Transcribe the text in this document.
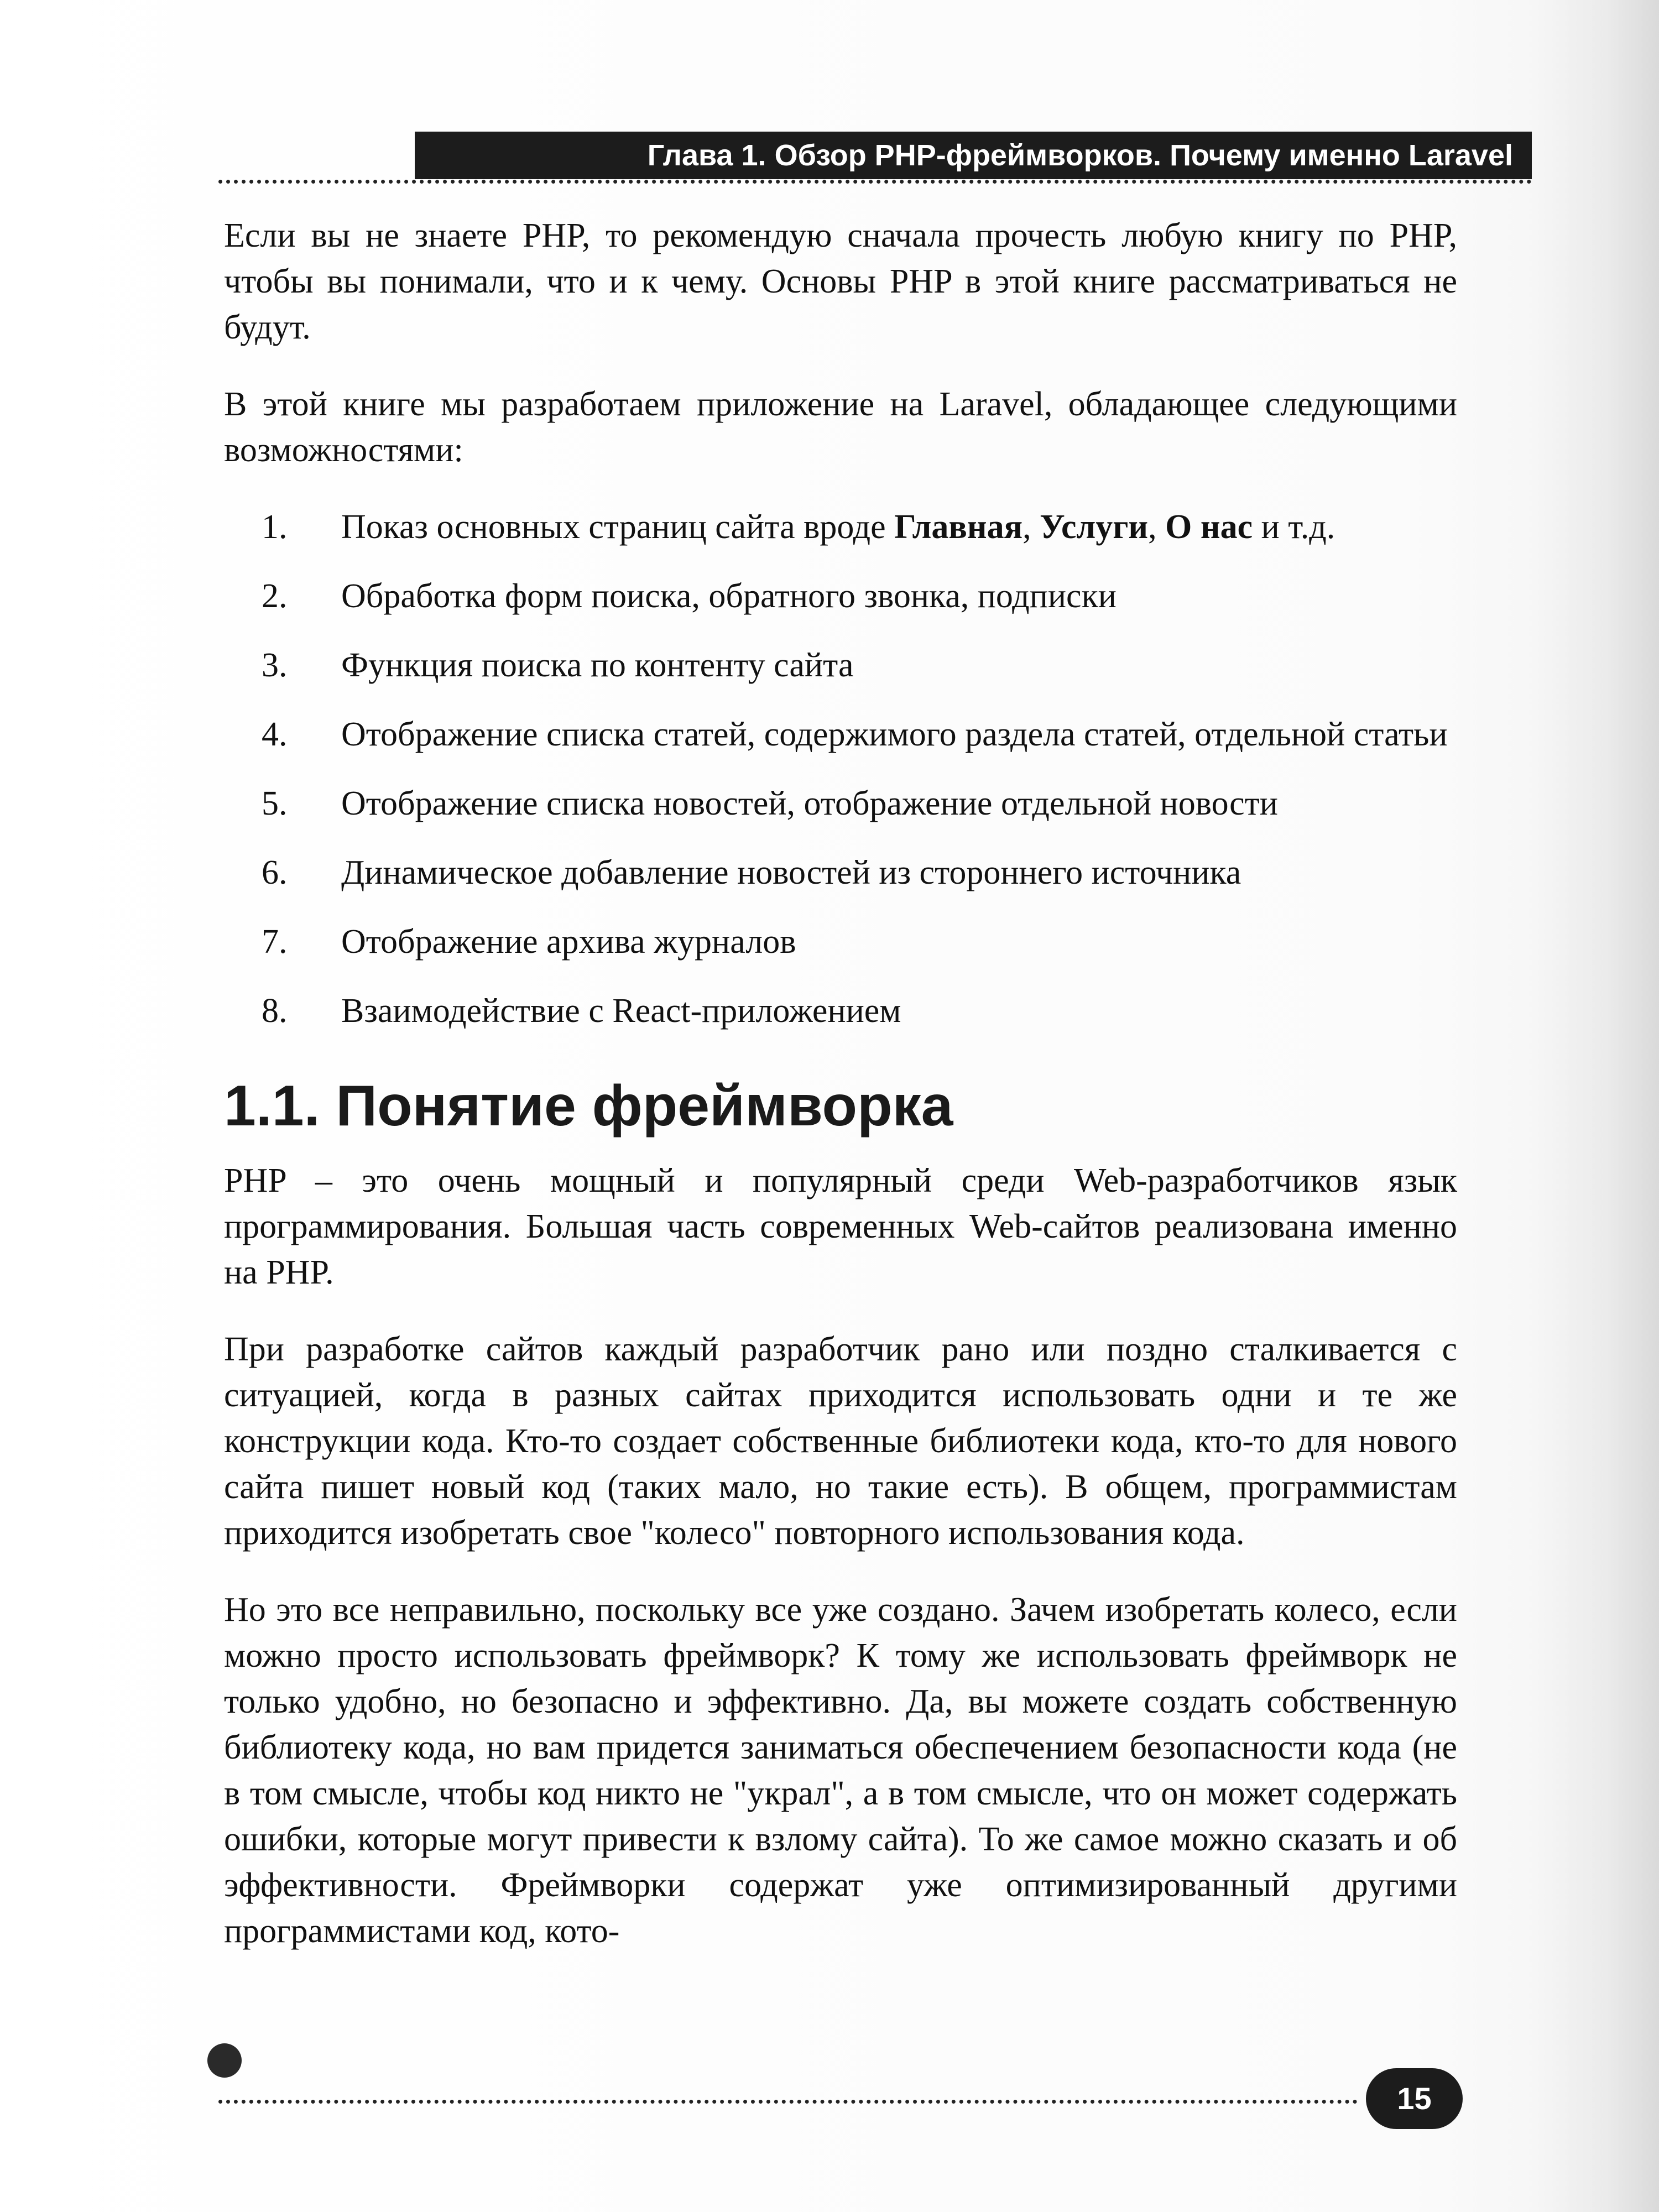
Глава 1. Обзор PHP-фреймворков. Почему именно Laravel

Если вы не знаете PHP, то рекомендую сначала прочесть любую книгу по PHP, чтобы вы понимали, что и к чему. Основы PHP в этой книге рассматриваться не будут.

В этой книге мы разработаем приложение на Laravel, обладающее следующими возможностями:

1. Показ основных страниц сайта вроде Главная, Услуги, О нас и т.д.
2. Обработка форм поиска, обратного звонка, подписки
3. Функция поиска по контенту сайта
4. Отображение списка статей, содержимого раздела статей, отдельной статьи
5. Отображение списка новостей, отображение отдельной новости
6. Динамическое добавление новостей из стороннего источника
7. Отображение архива журналов
8. Взаимодействие с React-приложением
1.1. Понятие фреймворка

PHP – это очень мощный и популярный среди Web-разработчиков язык программирования. Большая часть современных Web-сайтов реализована именно на PHP.

При разработке сайтов каждый разработчик рано или поздно сталкивается с ситуацией, когда в разных сайтах приходится использовать одни и те же конструкции кода. Кто-то создает собственные библиотеки кода, кто-то для нового сайта пишет новый код (таких мало, но такие есть). В общем, программистам приходится изобретать свое "колесо" повторного использования кода.

Но это все неправильно, поскольку все уже создано. Зачем изобретать колесо, если можно просто использовать фреймворк? К тому же использовать фреймворк не только удобно, но безопасно и эффективно. Да, вы можете создать собственную библиотеку кода, но вам придется заниматься обеспечением безопасности кода (не в том смысле, чтобы код никто не "украл", а в том смысле, что он может содержать ошибки, которые могут привести к взлому сайта). То же самое можно сказать и об эффективности. Фреймворки содержат уже оптимизированный другими программистами код, кото-

15
